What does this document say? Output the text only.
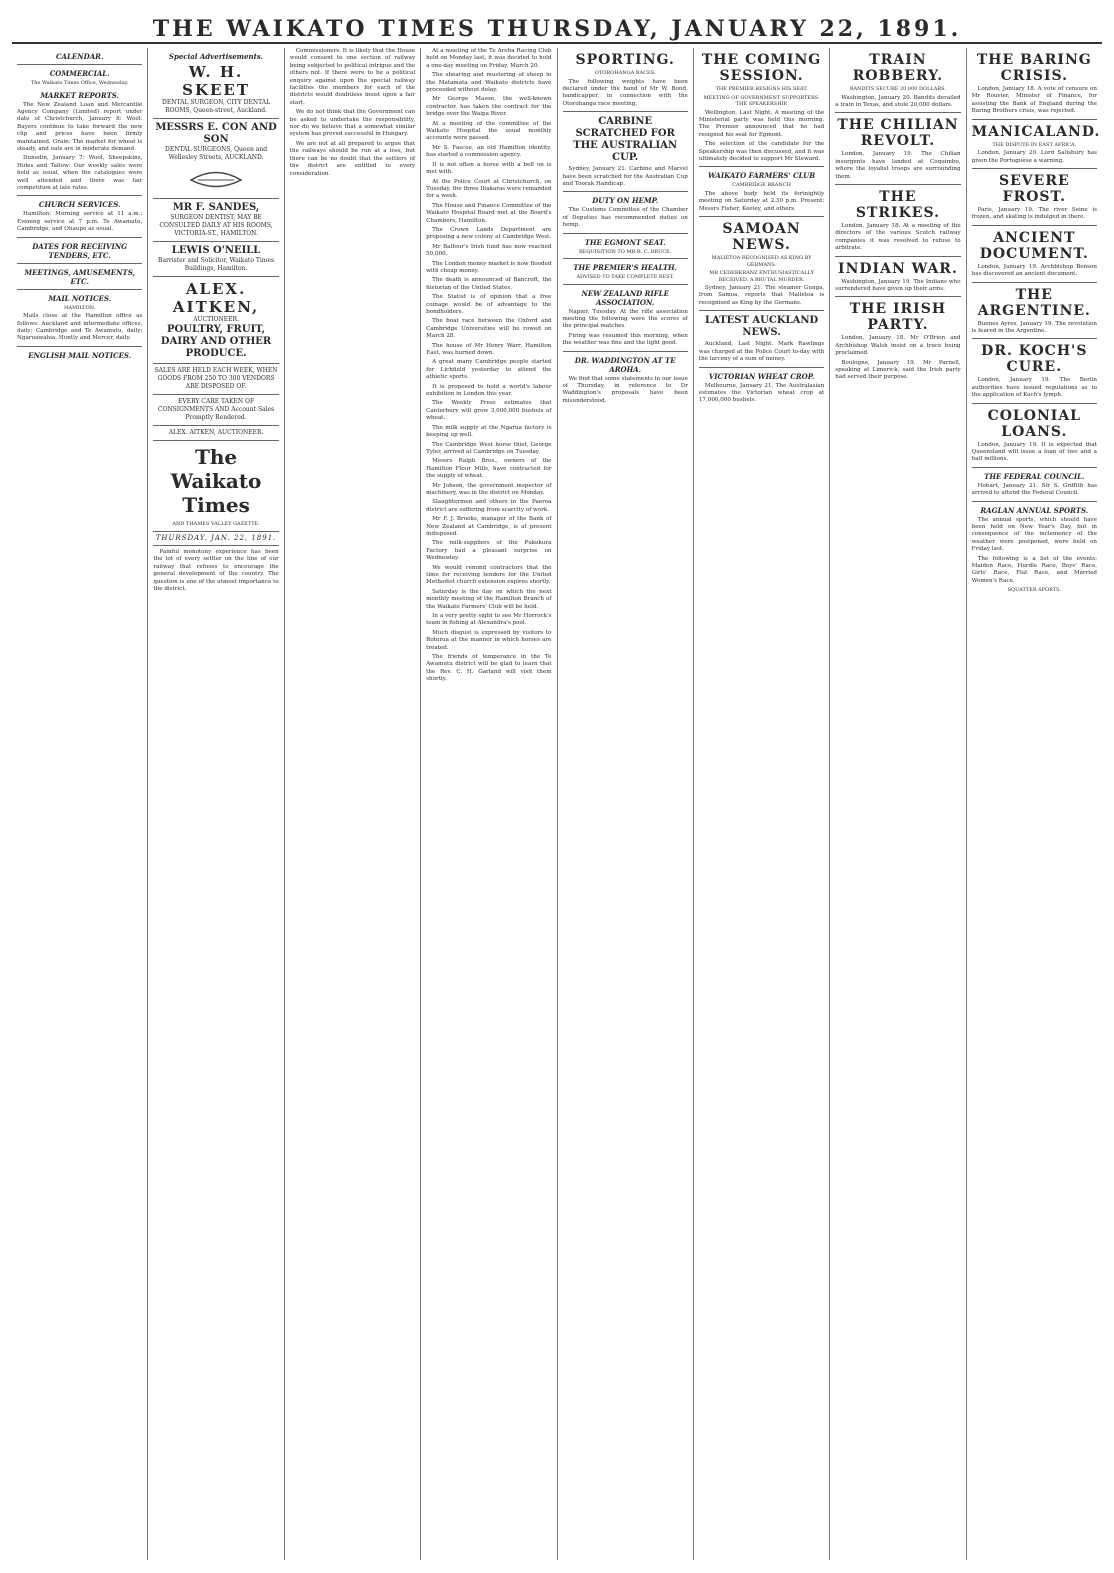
THE WAIKATO TIMES THURSDAY, JANUARY 22, 1891.
CALENDAR.
COMMERCIAL.
The Waikato Times Office, Wednesday.
MARKET REPORTS.

The New Zealand Loan and Mercantile Agency Company (Limited) report under date of Christchurch, January 8: Wool: Buyers continue to take forward the new clip and prices have been firmly maintained. Grain: The market for wheat is steady, and oats are in moderate demand.

Dunedin, January 7: Wool, Sheepskins, Hides and Tallow: Our weekly sales were held as usual, when the catalogues were well attended and there was fair competition at late rates.

CHURCH SERVICES.

Hamilton: Morning service at 11 a.m.; Evening service at 7 p.m. Te Awamutu, Cambridge, and Ohaupo as usual.

DATES FOR RECEIVING TENDERS, ETC.
MEETINGS, AMUSEMENTS, ETC.
MAIL NOTICES.
HAMILTON.

Mails close at the Hamilton office as follows: Auckland and intermediate offices, daily; Cambridge and Te Awamutu, daily; Ngaruawahia, Huntly and Mercer, daily.

ENGLISH MAIL NOTICES.
Special Advertisements.
W. H. SKEET
DENTAL SURGEON, CITY DENTAL ROOMS, Queen-street, Auckland.
MESSRS E. CON AND SON
DENTAL SURGEONS, Queen and Wellesley Streets, AUCKLAND.
MR F. SANDES,
SURGEON DENTIST, MAY BE CONSULTED DAILY AT HIS ROOMS, VICTORIA-ST., HAMILTON.
LEWIS O'NEILL
Barrister and Solicitor, Waikato Times Buildings, Hamilton.
ALEX. AITKEN,
AUCTIONEER.
POULTRY, FRUIT, DAIRY AND OTHER PRODUCE.
SALES ARE HELD EACH WEEK, WHEN GOODS FROM 250 TO 300 VENDORS ARE DISPOSED OF.
EVERY CARE TAKEN OF CONSIGNMENTS AND Account Sales Promptly Rendered.
ALEX. AITKEN, AUCTIONEER.
The Waikato Times
AND THAMES VALLEY GAZETTE.
THURSDAY, JAN. 22, 1891.

Painful monotony experience has been the lot of every settler on the line of our railway that refuses to encourage the general development of the country. The question is one of the utmost importance to the district.

Commissioners. It is likely that the House would consent to one section of railway being subjected to political intrigue and the others not. If there were to be a political enquiry against upon the special railway facilities the members for each of the districts would doubtless insist upon a fair start.

We do not think that the Government can be asked to undertake the responsibility, nor do we believe that a somewhat similar system has proved successful in Hungary.

We are not at all prepared to argue that the railways should be run at a loss, but there can be no doubt that the settlers of the district are entitled to every consideration.

At a meeting of the Te Aroha Racing Club held on Monday last, it was decided to hold a one-day meeting on Friday, March 20.

The shearing and mustering of sheep in the Matamata and Waikato districts have proceeded without delay.

Mr George Mason, the well-known contractor, has taken the contract for the bridge over the Waipa River.

At a meeting of the committee of the Waikato Hospital the usual monthly accounts were passed.

Mr S. Fascoe, an old Hamilton identity, has started a commission agency.

It is not often a horse with a bell on is met with.

At the Police Court at Christchurch, on Tuesday, the three Ihakaras were remanded for a week.

The House and Finance Committee of the Waikato Hospital Board met at the Board's Chambers, Hamilton.

The Crown Lands Department are proposing a new colony at Cambridge West.

Mr Balfour's Irish fund has now reached 50,000.

The London money market is now flooded with cheap money.

The death is announced of Bancroft, the historian of the United States.

The Statist is of opinion that a free coinage would be of advantage to the bondholders.

The boat race between the Oxford and Cambridge Universities will be rowed on March 28.

The house of Mr Henry Warr, Hamilton East, was burned down.

A great many Cambridge people started for Lichfield yesterday to attend the athletic sports.

It is proposed to hold a world's labour exhibition in London this year.

The Weekly Press estimates that Canterbury will grow 3,000,000 bushels of wheat.

The milk supply at the Ngarua factory is keeping up well.

The Cambridge West horse thief, George Tyler, arrived at Cambridge on Tuesday.

Messrs Ralph Bros., owners of the Hamilton Flour Mills, have contracted for the supply of wheat.

Mr Jobson, the government inspector of machinery, was in the district on Monday.

Slaughtermen and others in the Paeroa district are suffering from scarcity of work.

Mr F. J. Brooks, manager of the Bank of New Zealand at Cambridge, is at present indisposed.

The milk-suppliers of the Pukekura Factory had a pleasant surprise on Wednesday.

We would remind contractors that the time for receiving tenders for the United Methodist church extension expires shortly.

Saturday is the day on which the next monthly meeting of the Hamilton Branch of the Waikato Farmers' Club will be held.

In a very pretty sight to see Mr Horrock's team in fishing at Alexandra's pool.

Much disgust is expressed by visitors to Rotorua at the manner in which horses are treated.

The friends of temperance in the Te Awamutu district will be glad to learn that the Rev. C. H. Garland will visit them shortly.

SPORTING.
OTOROHANGA RACES.

The following weights have been declared under the hand of Mr W. Bond, handicapper, in connection with the Otorohanga race meeting.

CARBINE SCRATCHED FOR THE AUSTRALIAN CUP.

Sydney, January 21. Carbine and Marvel have been scratched for the Australian Cup and Toorak Handicap.

DUTY ON HEMP.

The Customs Committee of the Chamber of Deputies has recommended duties on hemp.

THE EGMONT SEAT.
REQUISITION TO MR R. C. BRUCE.
THE PREMIER'S HEALTH.
ADVISED TO TAKE COMPLETE REST.
NEW ZEALAND RIFLE ASSOCIATION.

Napier, Tuesday. At the rifle association meeting the following were the scores of the principal matches.

Firing was resumed this morning, when the weather was fine and the light good.

DR. WADDINGTON AT TE AROHA.

We find that some statements in our issue of Thursday, in reference to Dr Waddington's proposals have been misunderstood.

THE COMING SESSION.
THE PREMIER RESIGNS HIS SEAT.
MEETING OF GOVERNMENT SUPPORTERS. THE SPEAKERSHIP.

Wellington, Last Night. A meeting of the Ministerial party was held this morning. The Premier announced that he had resigned his seat for Egmont.

The selection of the candidate for the Speakership was then discussed, and it was ultimately decided to support Mr Steward.

WAIKATO FARMERS' CLUB
CAMBRIDGE BRANCH

The above body held its fortnightly meeting on Saturday at 2.30 p.m. Present: Messrs Fisher, Keeley, and others.

SAMOAN NEWS.
MALIETOA RECOGNISED AS KING BY GERMANS.
MR CEDERKRANZ ENTHUSIASTICALLY RECEIVED. A BRUTAL MURDER.

Sydney, January 21. The steamer Gunga, from Samoa, reports that Malietoa is recognised as King by the Germans.

LATEST AUCKLAND NEWS.

Auckland, Last Night. Mark Rawlings was charged at the Police Court to-day with the larceny of a sum of money.

VICTORIAN WHEAT CROP.

Melbourne, January 21. The Australasian estimates the Victorian wheat crop at 17,000,000 bushels.

TRAIN ROBBERY.
BANDITS SECURE 20,000 DOLLARS.

Washington, January 20. Bandits derailed a train in Texas, and stole 20,000 dollars.

THE CHILIAN REVOLT.

London, January 19. The Chilian insurgents have landed at Coquimbo, where the loyalist troops are surrounding them.

THE STRIKES.

London, January 18. At a meeting of the directors of the various Scotch railway companies it was resolved to refuse to arbitrate.

INDIAN WAR.

Washington, January 19. The Indians who surrendered have given up their arms.

THE IRISH PARTY.

London, January 18. Mr O'Brien and Archbishop Walsh insist on a truce being proclaimed.

Boulogne, January 19. Mr Parnell, speaking at Limerick, said the Irish party had served their purpose.

THE BARING CRISIS.

London, January 18. A vote of censure on Mr Rouvier, Minister of Finance, for assisting the Bank of England during the Baring Brothers crisis, was rejected.

MANICALAND.
THE DISPUTE IN EAST AFRICA.

London, January 20. Lord Salisbury has given the Portuguese a warning.

SEVERE FROST.

Paris, January 19. The river Seine is frozen, and skating is indulged in there.

ANCIENT DOCUMENT.

London, January 19. Archbishop Benson has discovered an ancient document.

THE ARGENTINE.

Buenos Ayres, January 19. The revolution is feared in the Argentine.

DR. KOCH'S CURE.

London, January 19. The Berlin authorities have issued regulations as to the application of Koch's lymph.

COLONIAL LOANS.

London, January 19. It is expected that Queensland will issue a loan of two and a half millions.

THE FEDERAL COUNCIL.

Hobart, January 21. Sir S. Griffith has arrived to attend the Federal Council.

RAGLAN ANNUAL SPORTS.

The annual sports, which should have been held on New Year's Day, but in consequence of the inclemency of the weather were postponed, were held on Friday last.

The following is a list of the events: Maiden Race, Hurdle Race, Boys' Race, Girls' Race, Flat Race, and Married Women's Race.

SQUATTER SPORTS.
